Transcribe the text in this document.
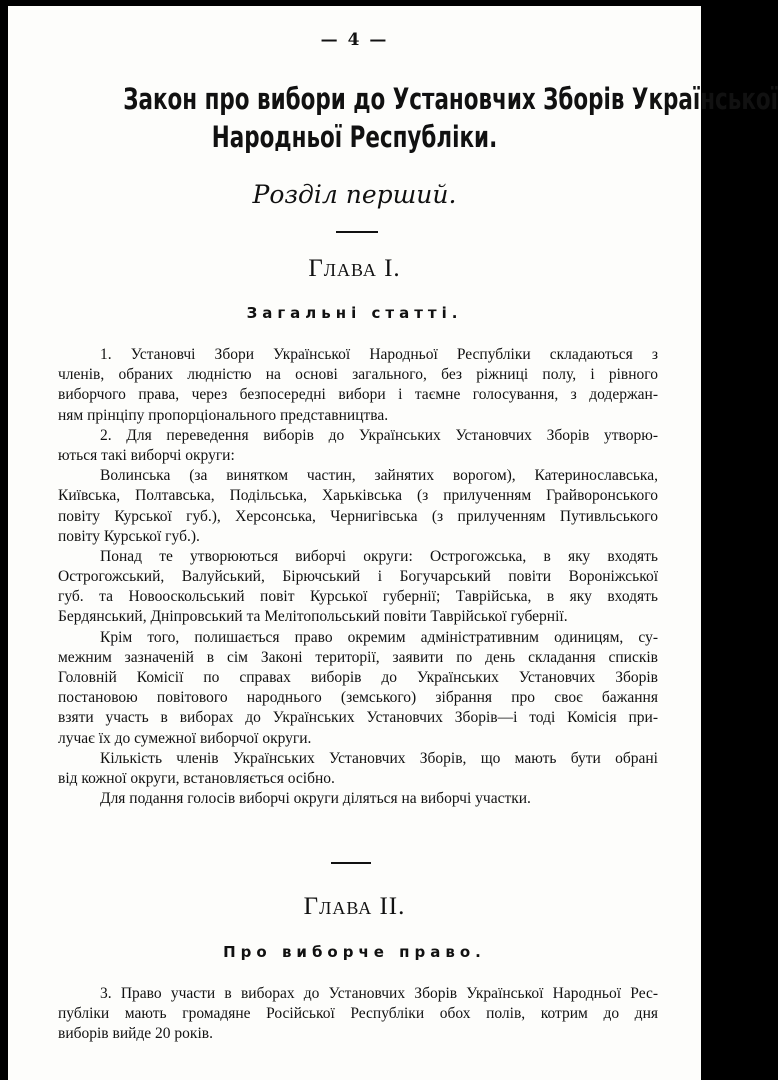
— 4 —
Закон про вибори до Установчих Зборів Української
Народньої Республіки.
Розділ перший.
Глава I.
Загальні статті.
1. Установчі Збори Української Народньої Республіки складаються з
членів, обраних людністю на основі загального, без ріжниці полу, і рівного
виборчого права, через безпосередні вибори і таємне голосування, з додержан-
ням прінціпу пропорціонального представництва.
2. Для переведення виборів до Українських Установчих Зборів утворю-
ються такі виборчі округи:
Волинська (за винятком частин, зайнятих ворогом), Катеринославська,
Київська, Полтавська, Подільська, Харьківська (з прилученням Грайворонського
повіту Курської губ.), Херсонська, Чернигівська (з прилученням Путивльського
повіту Курської губ.).
Понад те утворюються виборчі округи: Острогожська, в яку входять
Острогожський, Валуйський, Бірючський і Богучарський повіти Вороніжської
губ. та Новооскольський повіт Курської губернії; Таврійська, в яку входять
Бердянський, Дніпровський та Мелітопольський повіти Таврійської губернії.
Крім того, полишається право окремим адміністративним одиницям, су-
межним зазначеній в сім Законі території, заявити по день складання списків
Головній Комісії по справах виборів до Українських Установчих Зборів
постановою повітового народнього (земського) зібрання про своє бажання
взяти участь в виборах до Українських Установчих Зборів—і тоді Комісія при-
лучає їх до сумежної виборчої округи.
Кількість членів Українських Установчих Зборів, що мають бути обрані
від кожної округи, встановляється осібно.
Для подання голосів виборчі округи діляться на виборчі участки.
Глава II.
Про виборче право.
3. Право участи в виборах до Установчих Зборів Української Народньої Рес-
публіки мають громадяне Російської Республіки обох полів, котрим до дня
виборів вийде 20 років.
